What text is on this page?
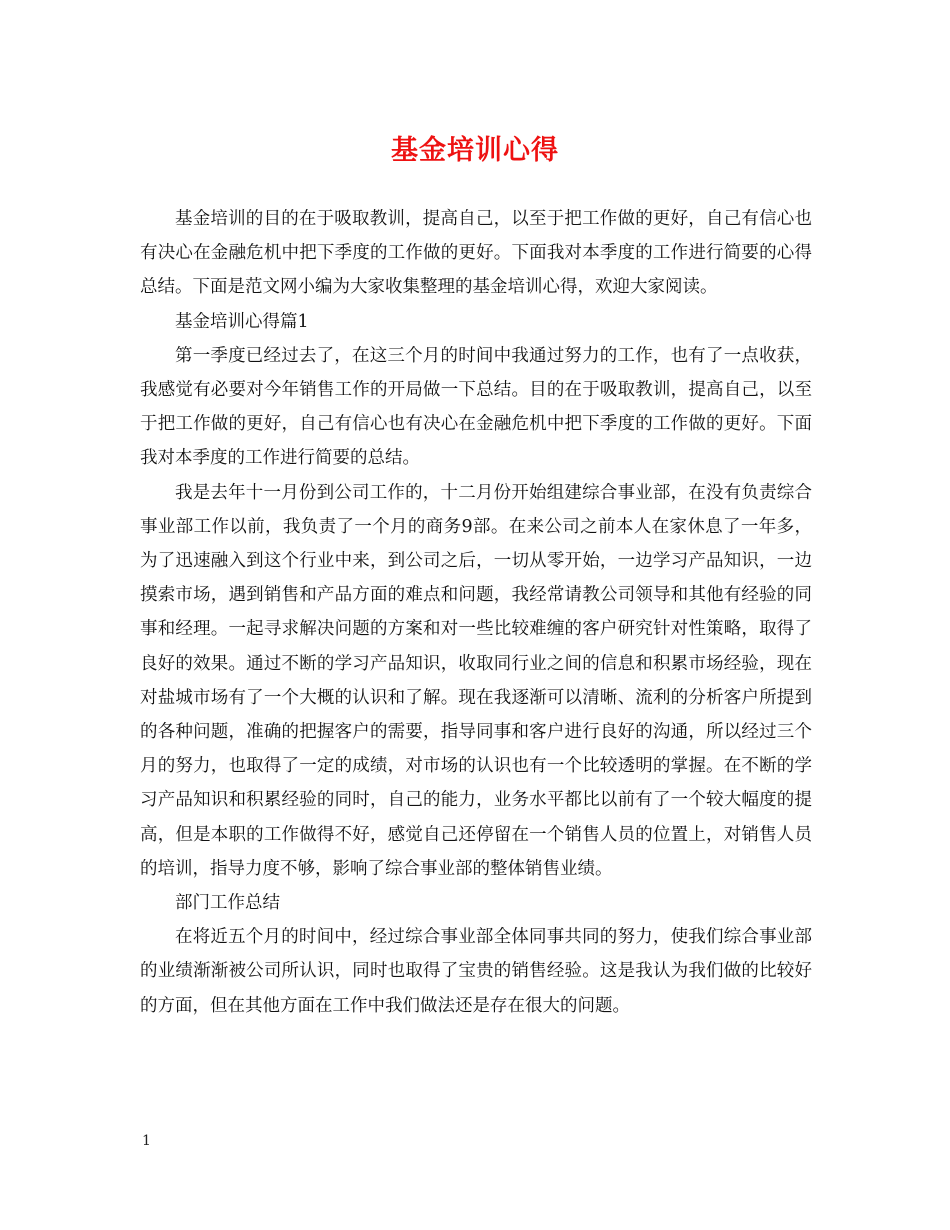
基金培训心得

基金培训的目的在于吸取教训，提高自己，以至于把工作做的更好，自己有信心也有决心在金融危机中把下季度的工作做的更好。下面我对本季度的工作进行简要的心得总结。下面是范文网小编为大家收集整理的基金培训心得，欢迎大家阅读。

基金培训心得篇1

第一季度已经过去了，在这三个月的时间中我通过努力的工作，也有了一点收获，我感觉有必要对今年销售工作的开局做一下总结。目的在于吸取教训，提高自己，以至于把工作做的更好，自己有信心也有决心在金融危机中把下季度的工作做的更好。下面我对本季度的工作进行简要的总结。

我是去年十一月份到公司工作的，十二月份开始组建综合事业部，在没有负责综合事业部工作以前，我负责了一个月的商务9部。在来公司之前本人在家休息了一年多，为了迅速融入到这个行业中来，到公司之后，一切从零开始，一边学习产品知识，一边摸索市场，遇到销售和产品方面的难点和问题，我经常请教公司领导和其他有经验的同事和经理。一起寻求解决问题的方案和对一些比较难缠的客户研究针对性策略，取得了良好的效果。通过不断的学习产品知识，收取同行业之间的信息和积累市场经验，现在对盐城市场有了一个大概的认识和了解。现在我逐渐可以清晰、流利的分析客户所提到的各种问题，准确的把握客户的需要，指导同事和客户进行良好的沟通，所以经过三个月的努力，也取得了一定的成绩，对市场的认识也有一个比较透明的掌握。在不断的学习产品知识和积累经验的同时，自己的能力，业务水平都比以前有了一个较大幅度的提高，但是本职的工作做得不好，感觉自己还停留在一个销售人员的位置上，对销售人员的培训，指导力度不够，影响了综合事业部的整体销售业绩。

部门工作总结

在将近五个月的时间中，经过综合事业部全体同事共同的努力，使我们综合事业部的业绩渐渐被公司所认识，同时也取得了宝贵的销售经验。这是我认为我们做的比较好的方面，但在其他方面在工作中我们做法还是存在很大的问题。

1
